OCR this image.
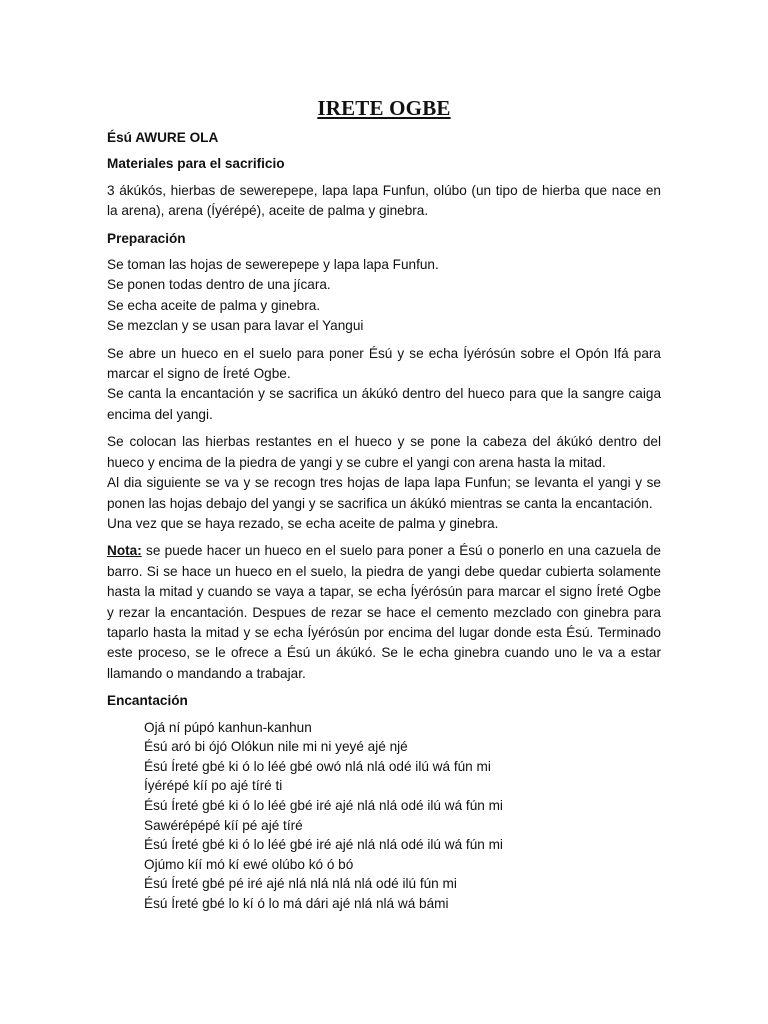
IRETE OGBE
Ésú AWURE OLA
Materiales para el sacrificio
3 ákúkós, hierbas de sewerepepe, lapa lapa Funfun, olúbo (un tipo de hierba que nace en la arena), arena (Íyérépé), aceite de palma y ginebra.
Preparación
Se toman las hojas de sewerepepe y lapa lapa Funfun.
Se ponen todas dentro de una jícara.
Se echa aceite de palma y ginebra.
Se mezclan y se usan para lavar el Yangui
Se abre un hueco en el suelo para poner Ésú y se echa Íyérósún sobre el Opón Ifá para marcar el signo de Íreté Ogbe.
Se canta la encantación y se sacrifica un ákúkó dentro del hueco para que la sangre caiga encima del yangi.
Se colocan las hierbas restantes en el hueco y se pone la cabeza del ákúkó dentro del hueco y encima de la piedra de yangi y se cubre el yangi con arena hasta la mitad.
Al dia siguiente se va y se recogn tres hojas de lapa lapa Funfun; se levanta el yangi y se ponen las hojas debajo del yangi y se sacrifica un ákúkó mientras se canta la encantación.
Una vez que se haya rezado, se echa aceite de palma y ginebra.
Nota: se puede hacer un hueco en el suelo para poner a Ésú o ponerlo en una cazuela de barro. Si se hace un hueco en el suelo, la piedra de yangi debe quedar cubierta solamente hasta la mitad y cuando se vaya a tapar, se echa Íyérósún para marcar el signo Íreté Ogbe y rezar la encantación. Despues de rezar se hace el cemento mezclado con ginebra para taparlo hasta la mitad y se echa Íyérósún por encima del lugar donde esta Ésú. Terminado este proceso, se le ofrece a Ésú un ákúkó. Se le echa ginebra cuando uno le va a estar llamando o mandando a trabajar.
Encantación
Ojá ní púpó kanhun-kanhun
Ésú aró bi ójó Olókun nile mi ni yeyé ajé njé
Ésú Íreté gbé ki ó lo léé gbé owó nlá nlá odé ilú wá fún mi
Íyérépé kíí po ajé tíré ti
Ésú Íreté gbé ki ó lo léé gbé iré ajé nlá nlá odé ilú wá fún mi
Sawérépépé kíí pé ajé tíré
Ésú Íreté gbé ki ó lo léé gbé iré ajé nlá nlá odé ilú wá fún mi
Ojúmo kíí mó kí ewé olúbo kó ó bó
Ésú Íreté gbé pé iré ajé nlá nlá nlá nlá odé ilú fún mi
Ésú Íreté gbé lo kí ó lo má dári ajé nlá nlá wá bámi
